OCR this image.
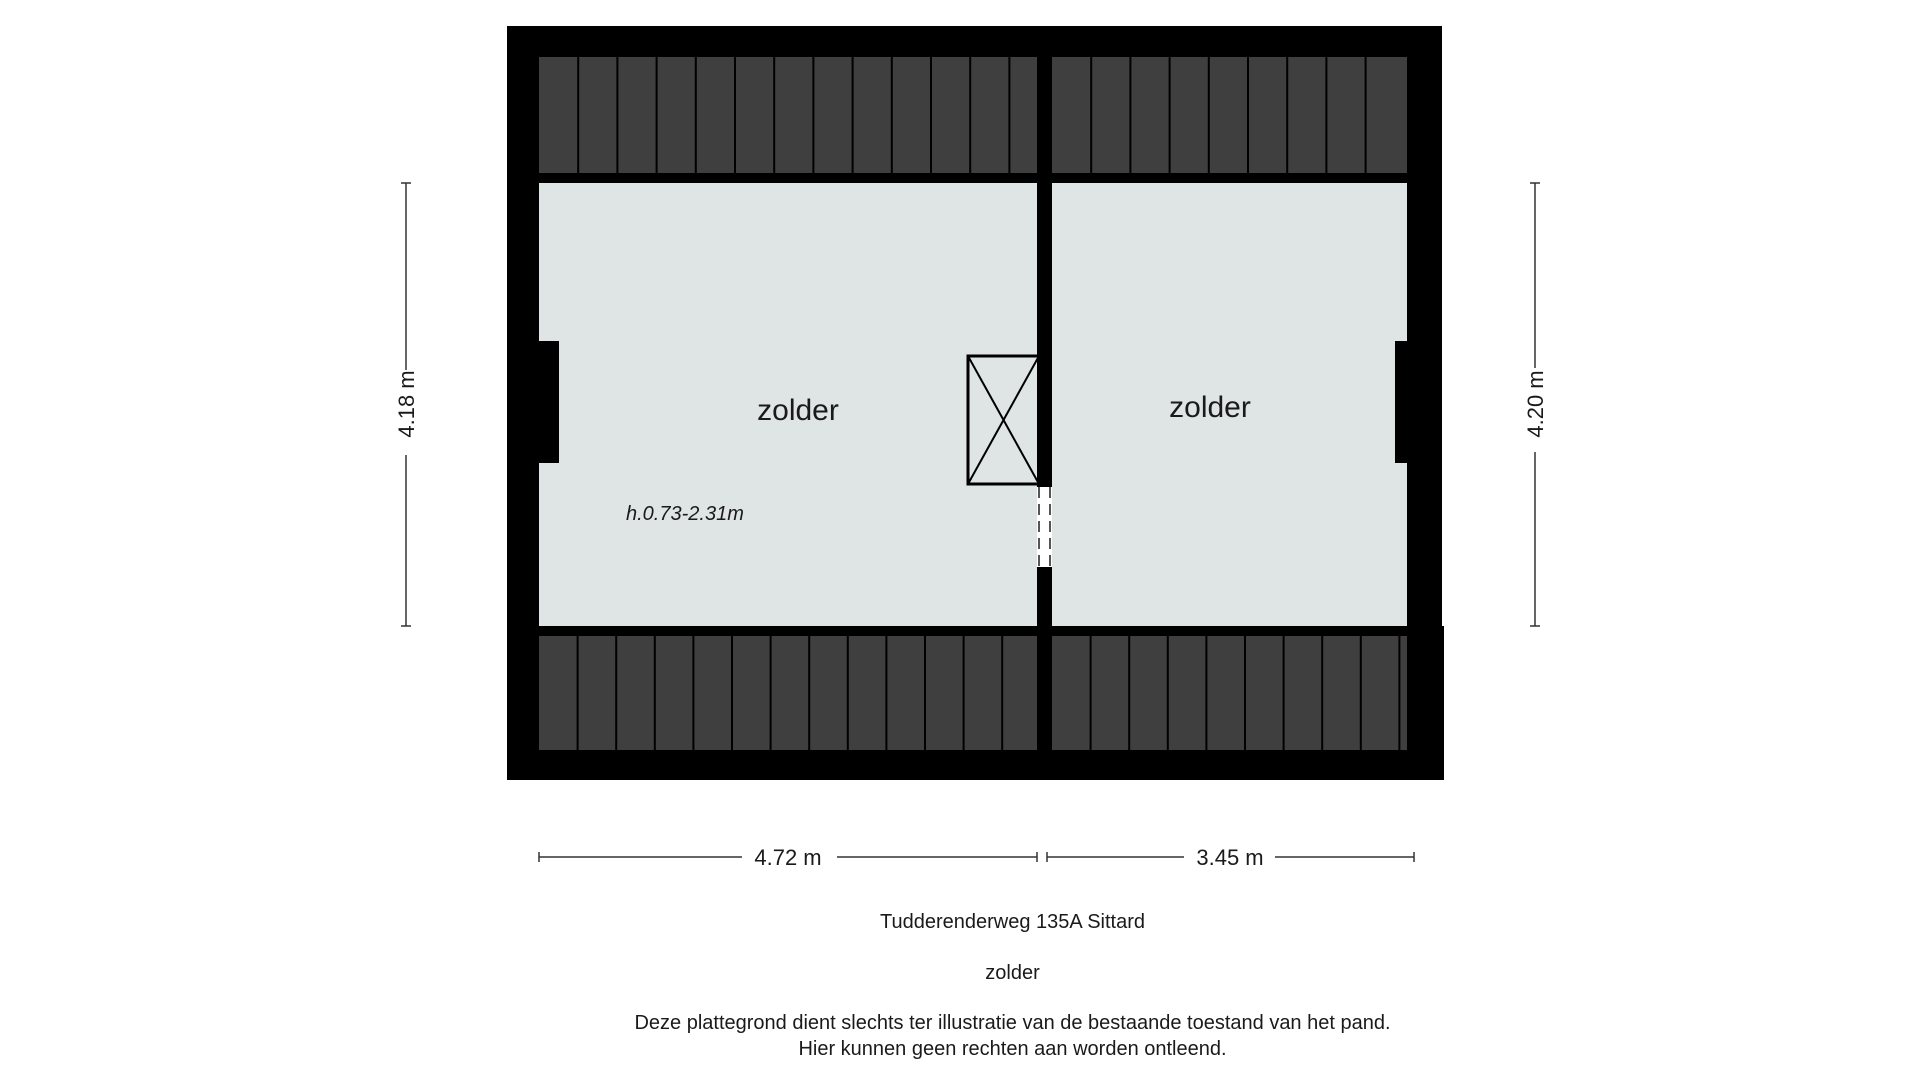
zolder
h.0.73-2.31m
zolder
4.18 m	4.20 m
4.72 m	3.45 m
Tudderenderweg 135A Sittard
zolder
Deze plattegrond dient slechts ter illustratie van de bestaande toestand van het pand.
Hier kunnen geen rechten aan worden ontleend.
